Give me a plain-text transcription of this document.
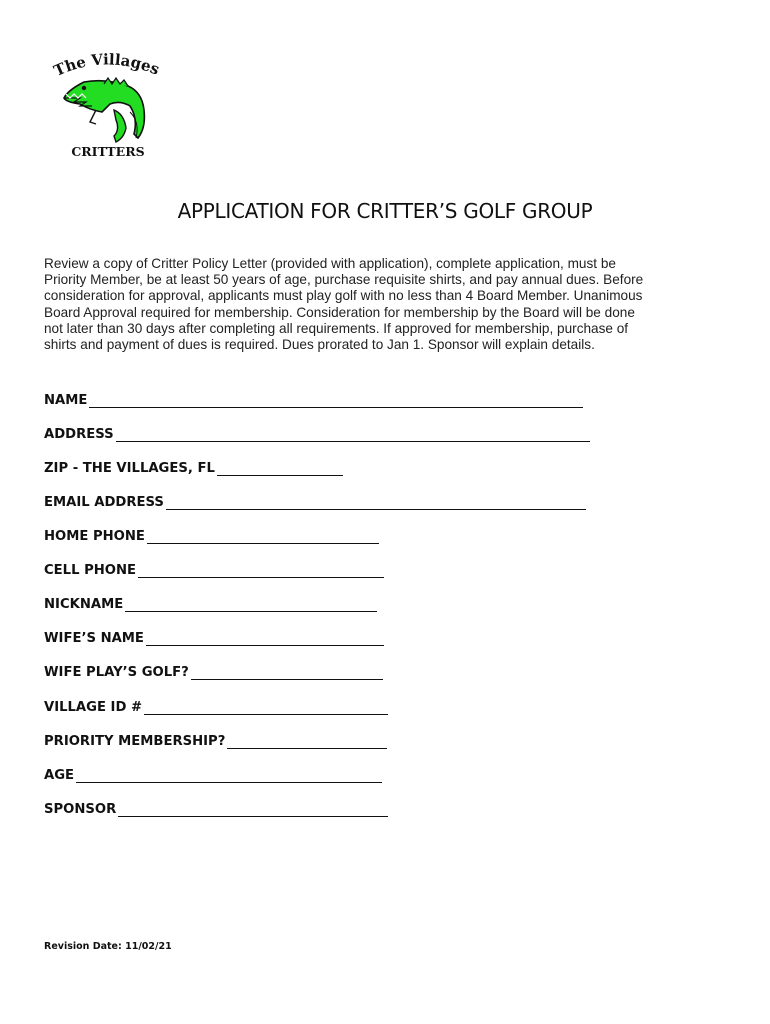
The Villages
CRITTERS
APPLICATION FOR CRITTER’S GOLF GROUP
Review a copy of Critter Policy Letter (provided with application), complete application, must be
Priority Member, be at least 50 years of age, purchase requisite shirts, and pay annual dues. Before
consideration for approval, applicants must play golf with no less than 4 Board Member. Unanimous
Board Approval required for membership. Consideration for membership by the Board will be done
not later than 30 days after completing all requirements. If approved for membership, purchase of
shirts and payment of dues is required. Dues prorated to Jan 1. Sponsor will explain details.
NAME
ADDRESS
ZIP - THE VILLAGES, FL
EMAIL ADDRESS
HOME PHONE
CELL PHONE
NICKNAME
WIFE’S NAME
WIFE PLAY’S GOLF?
VILLAGE ID #
PRIORITY MEMBERSHIP?
AGE
SPONSOR
Revision Date: 11/02/21
